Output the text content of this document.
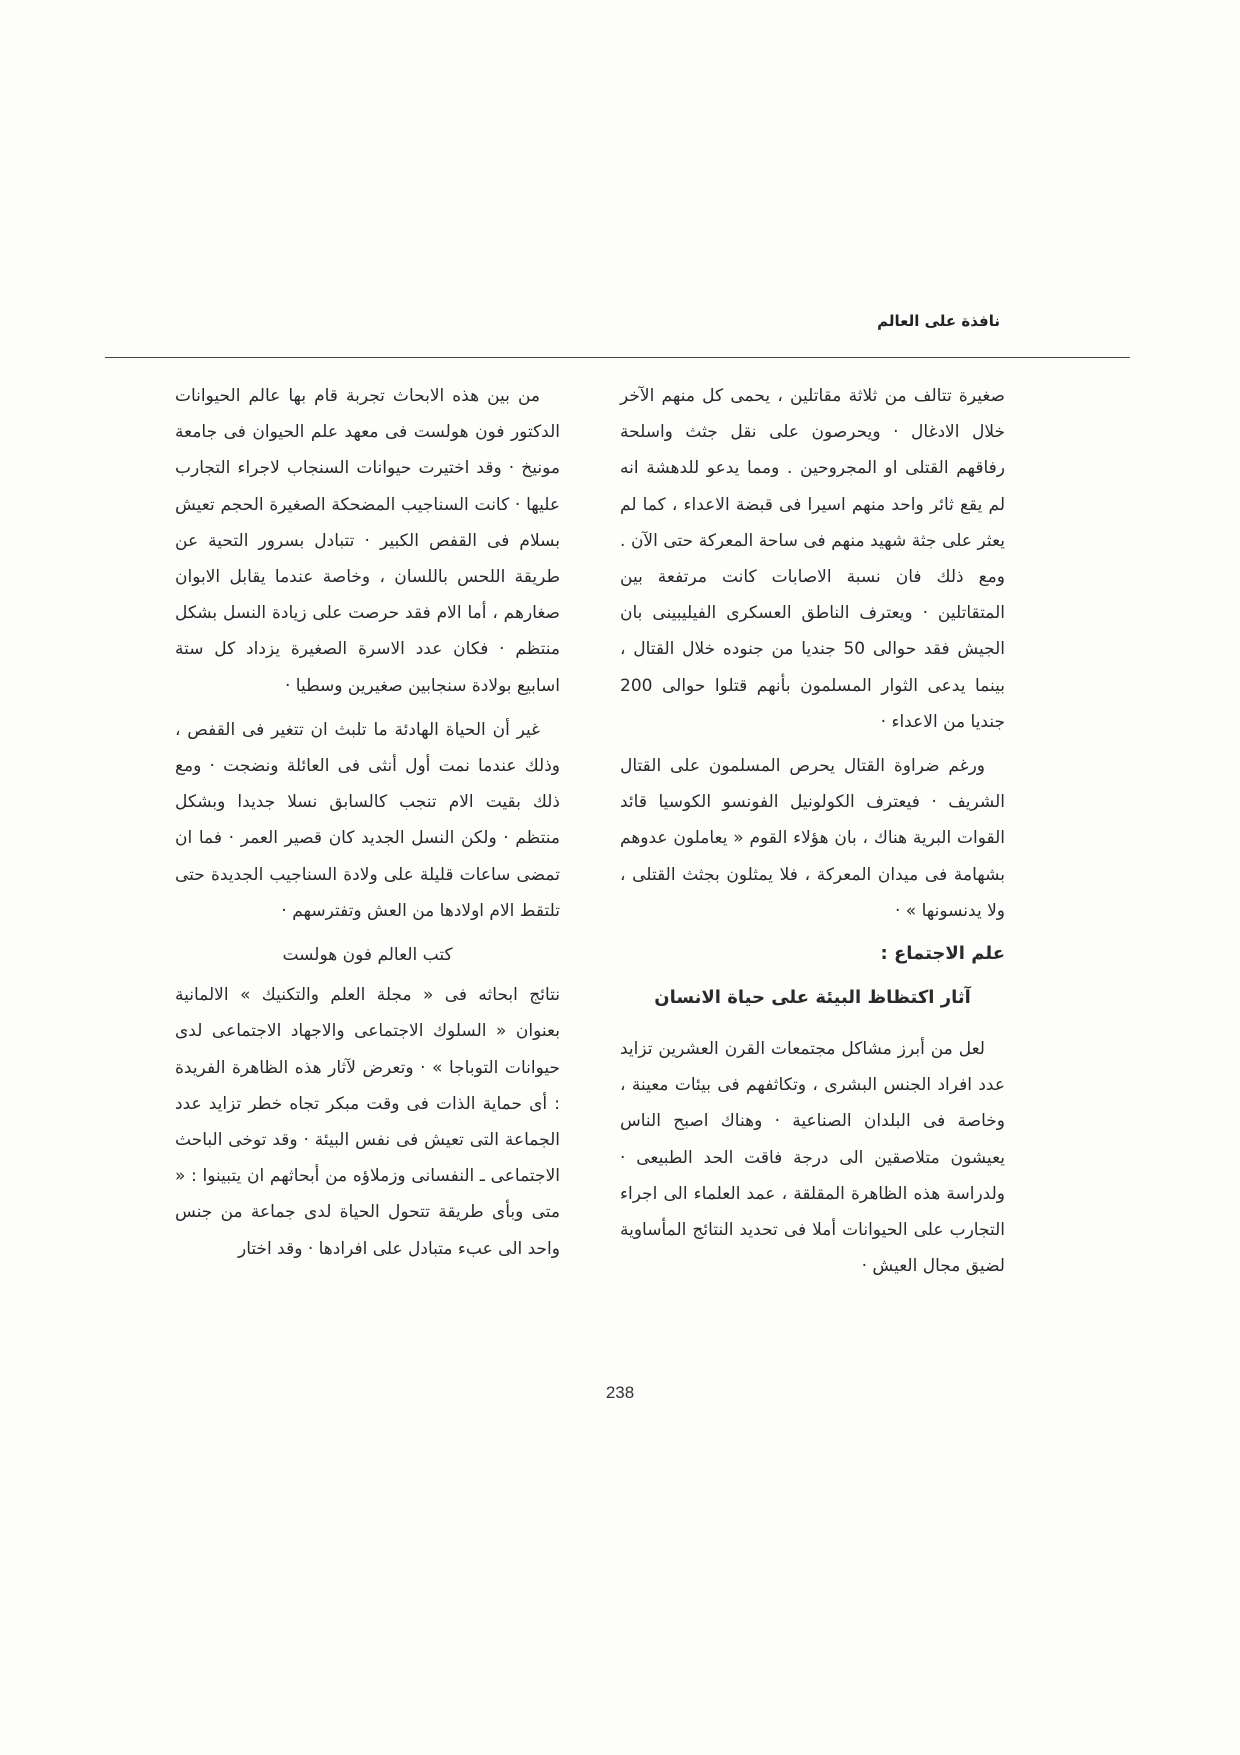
نافذة على العالم

صغيرة تتالف من ثلاثة مقاتلين ، يحمى كل منهم الآخر خلال الادغال · ويحرصون على نقل جثث واسلحة رفاقهم القتلى او المجروحين . ومما يدعو للدهشة انه لم يقع ثائر واحد منهم اسيرا فى قبضة الاعداء ، كما لم يعثر على جثة شهيد منهم فى ساحة المعركة حتى الآن . ومع ذلك فان نسبة الاصابات كانت مرتفعة بين المتقاتلين · ويعترف الناطق العسكرى الفيليبينى بان الجيش فقد حوالى 50 جنديا من جنوده خلال القتال ، بينما يدعى الثوار المسلمون بأنهم قتلوا حوالى 200 جنديا من الاعداء ·

ورغم ضراوة القتال يحرص المسلمون على القتال الشريف · فيعترف الكولونيل الفونسو الكوسيا قائد القوات البرية هناك ، بان هؤلاء القوم « يعاملون عدوهم بشهامة فى ميدان المعركة ، فلا يمثلون بجثث القتلى ، ولا يدنسونها » ·

علم الاجتماع :
آثار اكتظاظ البيئة على حياة الانسان

لعل من أبرز مشاكل مجتمعات القرن العشرين تزايد عدد افراد الجنس البشرى ، وتكاثفهم فى بيئات معينة ، وخاصة فى البلدان الصناعية · وهناك اصبح الناس يعيشون متلاصقين الى درجة فاقت الحد الطبيعى · ولدراسة هذه الظاهرة المقلقة ، عمد العلماء الى اجراء التجارب على الحيوانات أملا فى تحديد النتائج المأساوية لضيق مجال العيش ·

من بين هذه الابحاث تجربة قام بها عالم الحيوانات الدكتور فون هولست فى معهد علم الحيوان فى جامعة مونيخ · وقد اختيرت حيوانات السنجاب لاجراء التجارب عليها · كانت السناجيب المضحكة الصغيرة الحجم تعيش بسلام فى القفص الكبير · تتبادل بسرور التحية عن طريقة اللحس باللسان ، وخاصة عندما يقابل الابوان صغارهم ، أما الام فقد حرصت على زيادة النسل بشكل منتظم · فكان عدد الاسرة الصغيرة يزداد كل ستة اسابيع بولادة سنجابين صغيرين وسطيا ·

غير أن الحياة الهادئة ما تلبث ان تتغير فى القفص ، وذلك عندما نمت أول أنثى فى العائلة ونضجت · ومع ذلك بقيت الام تنجب كالسابق نسلا جديدا وبشكل منتظم · ولكن النسل الجديد كان قصير العمر · فما ان تمضى ساعات قليلة على ولادة السناجيب الجديدة حتى تلتقط الام اولادها من العش وتفترسهم ·

كتب العالم فون هولست

نتائج ابحاثه فى « مجلة العلم والتكنيك » الالمانية بعنوان « السلوك الاجتماعى والاجهاد الاجتماعى لدى حيوانات التوباجا » · وتعرض لآثار هذه الظاهرة الفريدة : أى حماية الذات فى وقت مبكر تجاه خطر تزايد عدد الجماعة التى تعيش فى نفس البيئة · وقد توخى الباحث الاجتماعى ـ النفسانى وزملاؤه من أبحاثهم ان يتبينوا : « متى وبأى طريقة تتحول الحياة لدى جماعة من جنس واحد الى عبء متبادل على افرادها · وقد اختار

238
